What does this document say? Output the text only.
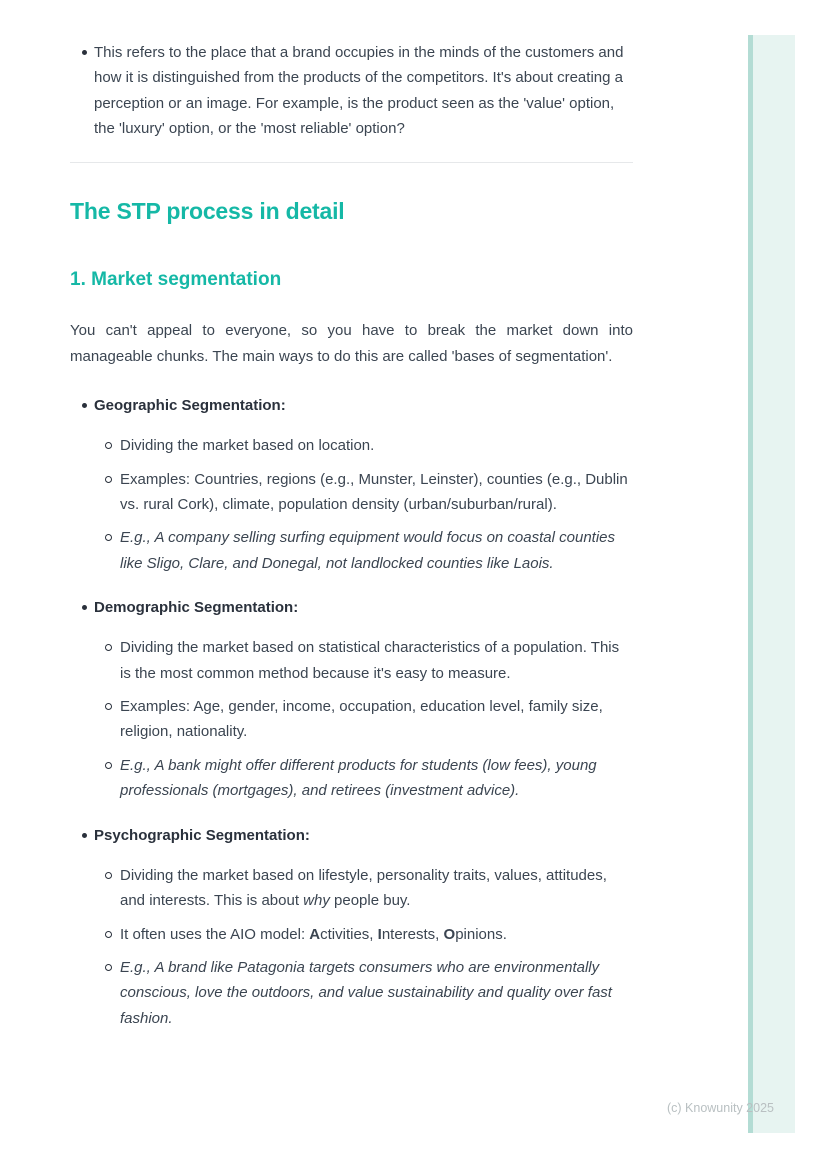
(c) Knowunity 2025
This refers to the place that a brand occupies in the minds of the customers and how it is distinguished from the products of the competitors. It's about creating a perception or an image. For example, is the product seen as the 'value' option, the 'luxury' option, or the 'most reliable' option?
The STP process in detail
1. Market segmentation

You can't appeal to everyone, so you have to break the market down into manageable chunks. The main ways to do this are called 'bases of segmentation'.

Geographic Segmentation:
Dividing the market based on location.
Examples: Countries, regions (e.g., Munster, Leinster), counties (e.g., Dublin vs. rural Cork), climate, population density (urban/suburban/rural).
E.g., A company selling surfing equipment would focus on coastal counties like Sligo, Clare, and Donegal, not landlocked counties like Laois.
Demographic Segmentation:
Dividing the market based on statistical characteristics of a population. This is the most common method because it's easy to measure.
Examples: Age, gender, income, occupation, education level, family size, religion, nationality.
E.g., A bank might offer different products for students (low fees), young professionals (mortgages), and retirees (investment advice).
Psychographic Segmentation:
Dividing the market based on lifestyle, personality traits, values, attitudes, and interests. This is about why people buy.
It often uses the AIO model: Activities, Interests, Opinions.
E.g., A brand like Patagonia targets consumers who are environmentally conscious, love the outdoors, and value sustainability and quality over fast fashion.
